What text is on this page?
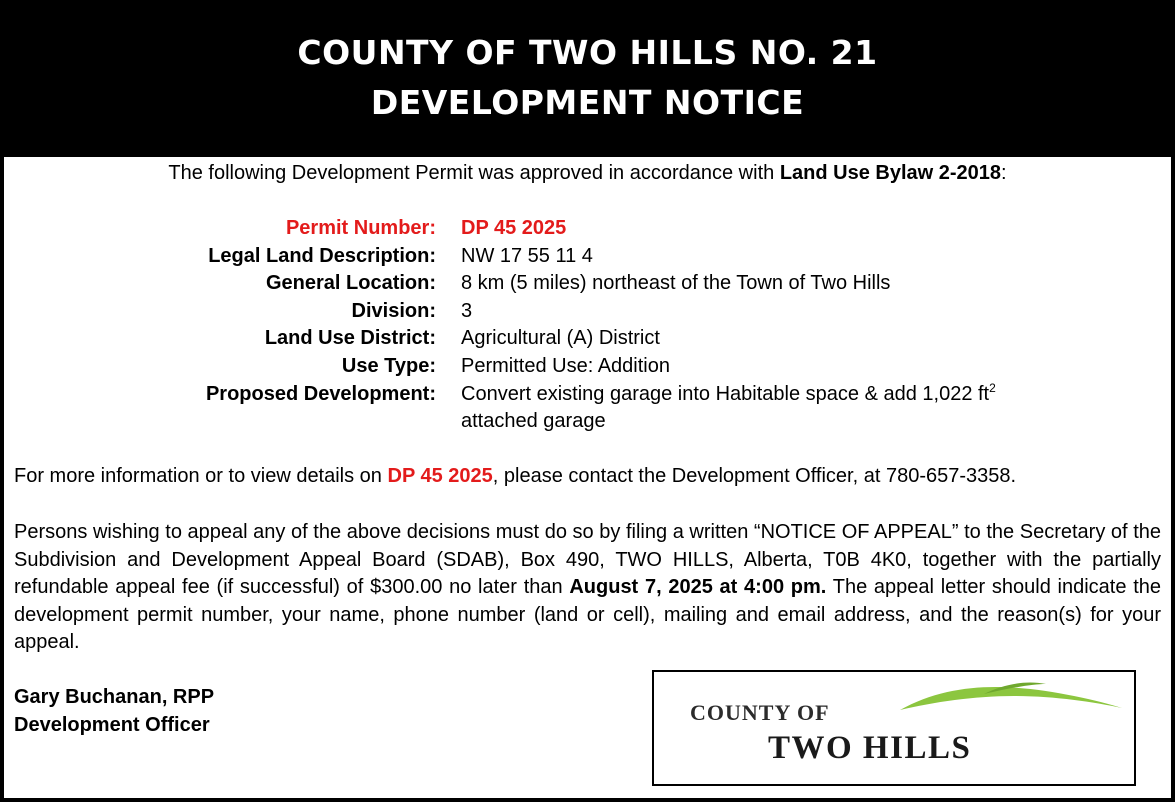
COUNTY OF TWO HILLS NO. 21
DEVELOPMENT NOTICE
The following Development Permit was approved in accordance with Land Use Bylaw 2-2018:
Permit Number: DP 45 2025
Legal Land Description: NW 17 55 11 4
General Location: 8 km (5 miles) northeast of the Town of Two Hills
Division: 3
Land Use District: Agricultural (A) District
Use Type: Permitted Use: Addition
Proposed Development: Convert existing garage into Habitable space & add 1,022 $ft^2$
attached garage
For more information or to view details on DP 45 2025, please contact the Development Officer, at 780-657-3358.
Persons wishing to appeal any of the above decisions must do so by filing a written “NOTICE OF APPEAL” to the Secretary of the Subdivision and Development Appeal Board (SDAB), Box 490, TWO HILLS, Alberta, T0B 4K0, together with the partially refundable appeal fee (if successful) of $300.00 no later than August 7, 2025 at 4:00 pm. The appeal letter should indicate the development permit number, your name, phone number (land or cell), mailing and email address, and the reason(s) for your appeal.
Gary Buchanan, RPP
Development Officer	COUNTY OF
TWO HILLS
